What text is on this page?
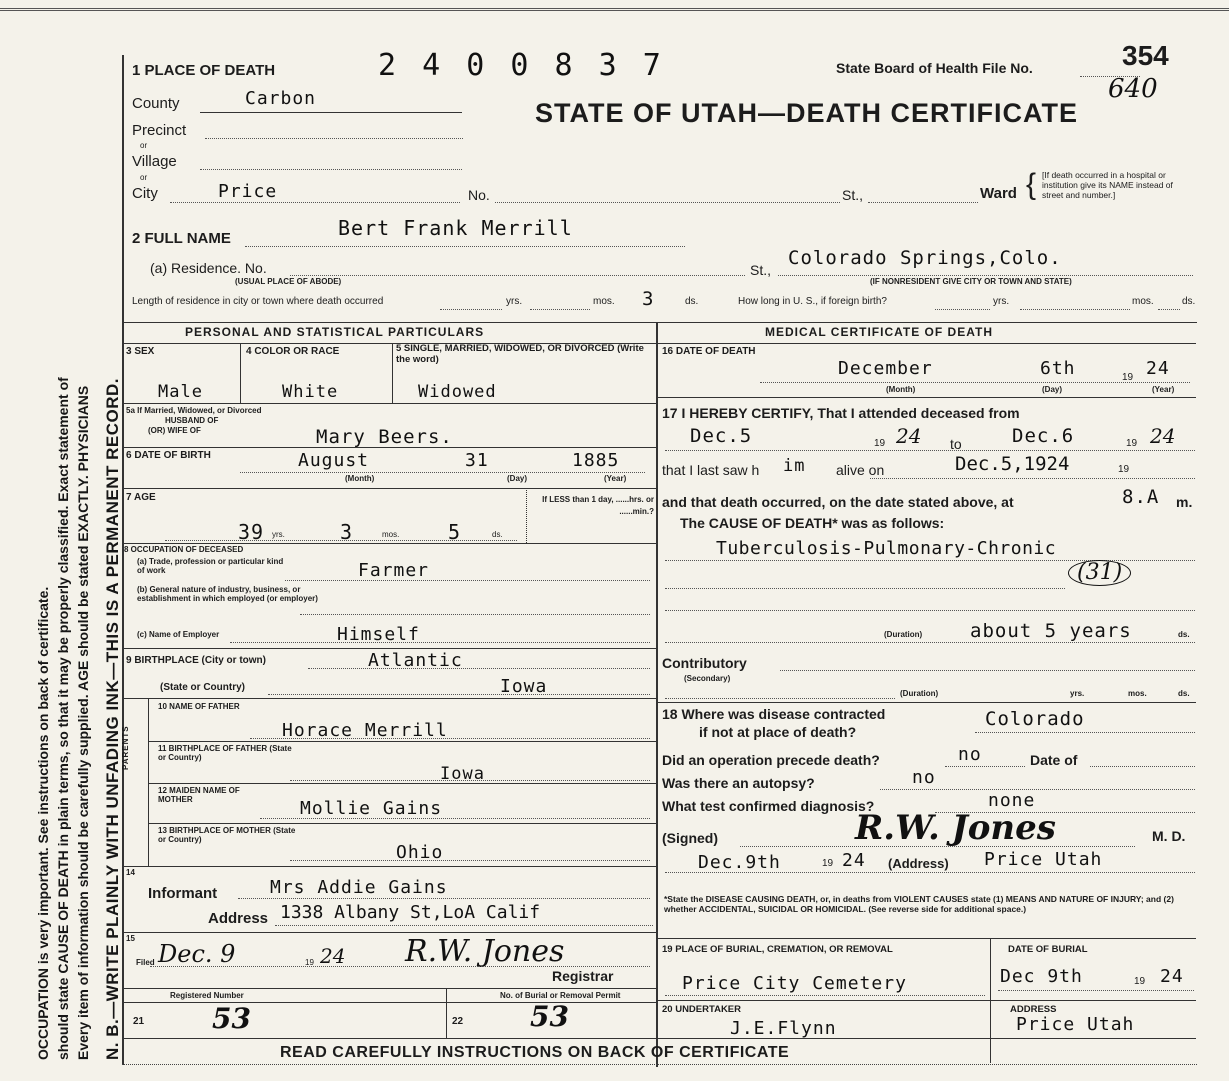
N. B.—WRITE PLAINLY WITH UNFADING INK—THIS IS A PERMANENT RECORD.
Every item of information should be carefully supplied. AGE should be stated EXACTLY. PHYSICIANS
should state CAUSE OF DEATH in plain terms, so that it may be properly classified. Exact statement of
OCCUPATION is very important. See instructions on back of certificate.
1 PLACE OF DEATH	2 4 0 0 8 3 7	State Board of Health File No.	354
640
STATE OF UTAH—DEATH CERTIFICATE
County	Carbon
Precinct
or
Village
or
City	Price	No.	St.,	Ward { [If death occurred in a hospital or institution give its NAME instead of street and number.]
2 FULL NAME	Bert Frank Merrill
(a) Residence. No.
(USUAL PLACE OF ABODE)
St.,
Colorado Springs,Colo.
(IF NONRESIDENT GIVE CITY OR TOWN AND STATE)
Length of residence in city or town where death occurred	yrs.	mos. 3	ds.	How long in U. S., if foreign birth?	yrs.	mos.	ds.
PERSONAL AND STATISTICAL PARTICULARS	MEDICAL CERTIFICATE OF DEATH
3 SEX
Male
4 COLOR OR RACE
White
5 SINGLE, MARRIED, WIDOWED, OR DIVORCED (Write the word)
Widowed
5a If Married, Widowed, or Divorced
HUSBAND OF
(OR) WIFE OF	Mary Beers.
6 DATE OF BIRTH	August	31	1885
(Month)	(Day)	(Year)
7 AGE
39 yrs.	3	mos. 5	ds.
If LESS than 1 day, ......hrs. or ......min.?
8 OCCUPATION OF DECEASED
(a) Trade, profession or particular kind of work	Farmer
(b) General nature of industry, business, or establishment in which employed (or employer)
(c) Name of Employer	Himself
9 BIRTHPLACE (City or town)	Atlantic
(State or Country)	Iowa
PARENTS
10 NAME OF FATHER
Horace Merrill
11 BIRTHPLACE OF FATHER (State or Country)
Iowa
12 MAIDEN NAME OF MOTHER	Mollie Gains
13 BIRTHPLACE OF MOTHER (State or Country)
Ohio
14
Informant	Mrs Addie Gains
Address 1338 Albany St,LoA Calif
15
Filed Dec. 9	19 24 R.W. Jones
Registrar
Registered Number	No. of Burial or Removal Permit
21 53	22 53
16 DATE OF DEATH
December	6th	19 24
(Month)	(Day)	(Year)
17 I HEREBY CERTIFY, That I attended deceased from
Dec.5	19 24 to	Dec.6	19 24
that I last saw h im alive on	Dec.5,1924	19
and that death occurred, on the date stated above, at	8.A m.
The CAUSE OF DEATH* was as follows:
Tuberculosis-Pulmonary-Chronic
(31)
(Duration)	about 5 years	ds.
Contributory
(Secondary)
(Duration)	yrs.	mos.	ds.
18 Where was disease contracted
if not at place of death?
Colorado
Did an operation precede death?	no	Date of
Was there an autopsy?	no
What test confirmed diagnosis?	none
(Signed)	R.W. Jones	M. D.
Dec.9th	19 24 (Address) Price Utah
*State the DISEASE CAUSING DEATH, or, in deaths from VIOLENT CAUSES state (1) MEANS AND NATURE OF INJURY; and (2) whether ACCIDENTAL, SUICIDAL OR HOMICIDAL. (See reverse side for additional space.)
19 PLACE OF BURIAL, CREMATION, OR REMOVAL
Price City Cemetery
DATE OF BURIAL
Dec 9th	19 24
20 UNDERTAKER
J.E.Flynn
ADDRESS
Price Utah
READ CAREFULLY INSTRUCTIONS ON BACK OF CERTIFICATE
